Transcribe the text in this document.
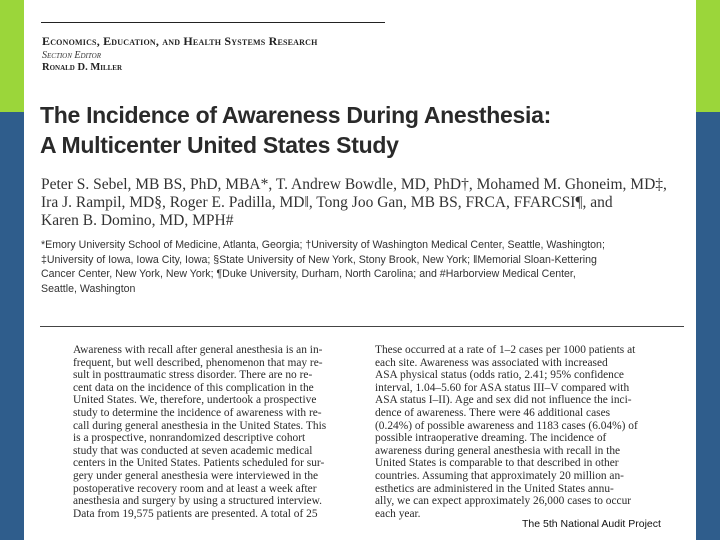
Economics, Education, and Health Systems Research
Section Editor
Ronald D. Miller
The Incidence of Awareness During Anesthesia:
A Multicenter United States Study
Peter S. Sebel, MB BS, PhD, MBA*, T. Andrew Bowdle, MD, PhD†, Mohamed M. Ghoneim, MD‡,
Ira J. Rampil, MD§, Roger E. Padilla, MD‖, Tong Joo Gan, MB BS, FRCA, FFARCSI¶, and
Karen B. Domino, MD, MPH#
*Emory University School of Medicine, Atlanta, Georgia; †University of Washington Medical Center, Seattle, Washington;
‡University of Iowa, Iowa City, Iowa; §State University of New York, Stony Brook, New York; ‖Memorial Sloan-Kettering
Cancer Center, New York, New York; ¶Duke University, Durham, North Carolina; and #Harborview Medical Center,
Seattle, Washington
Awareness with recall after general anesthesia is an in-
frequent, but well described, phenomenon that may re-
sult in posttraumatic stress disorder. There are no re-
cent data on the incidence of this complication in the
United States. We, therefore, undertook a prospective
study to determine the incidence of awareness with re-
call during general anesthesia in the United States. This
is a prospective, nonrandomized descriptive cohort
study that was conducted at seven academic medical
centers in the United States. Patients scheduled for sur-
gery under general anesthesia were interviewed in the
postoperative recovery room and at least a week after
anesthesia and surgery by using a structured interview.
Data from 19,575 patients are presented. A total of 25
These occurred at a rate of 1–2 cases per 1000 patients at
each site. Awareness was associated with increased
ASA physical status (odds ratio, 2.41; 95% confidence
interval, 1.04–5.60 for ASA status III–V compared with
ASA status I–II). Age and sex did not influence the inci-
dence of awareness. There were 46 additional cases
(0.24%) of possible awareness and 1183 cases (6.04%) of
possible intraoperative dreaming. The incidence of
awareness during general anesthesia with recall in the
United States is comparable to that described in other
countries. Assuming that approximately 20 million an-
esthetics are administered in the United States annu-
ally, we can expect approximately 26,000 cases to occur
each year.
The 5th National Audit Project
